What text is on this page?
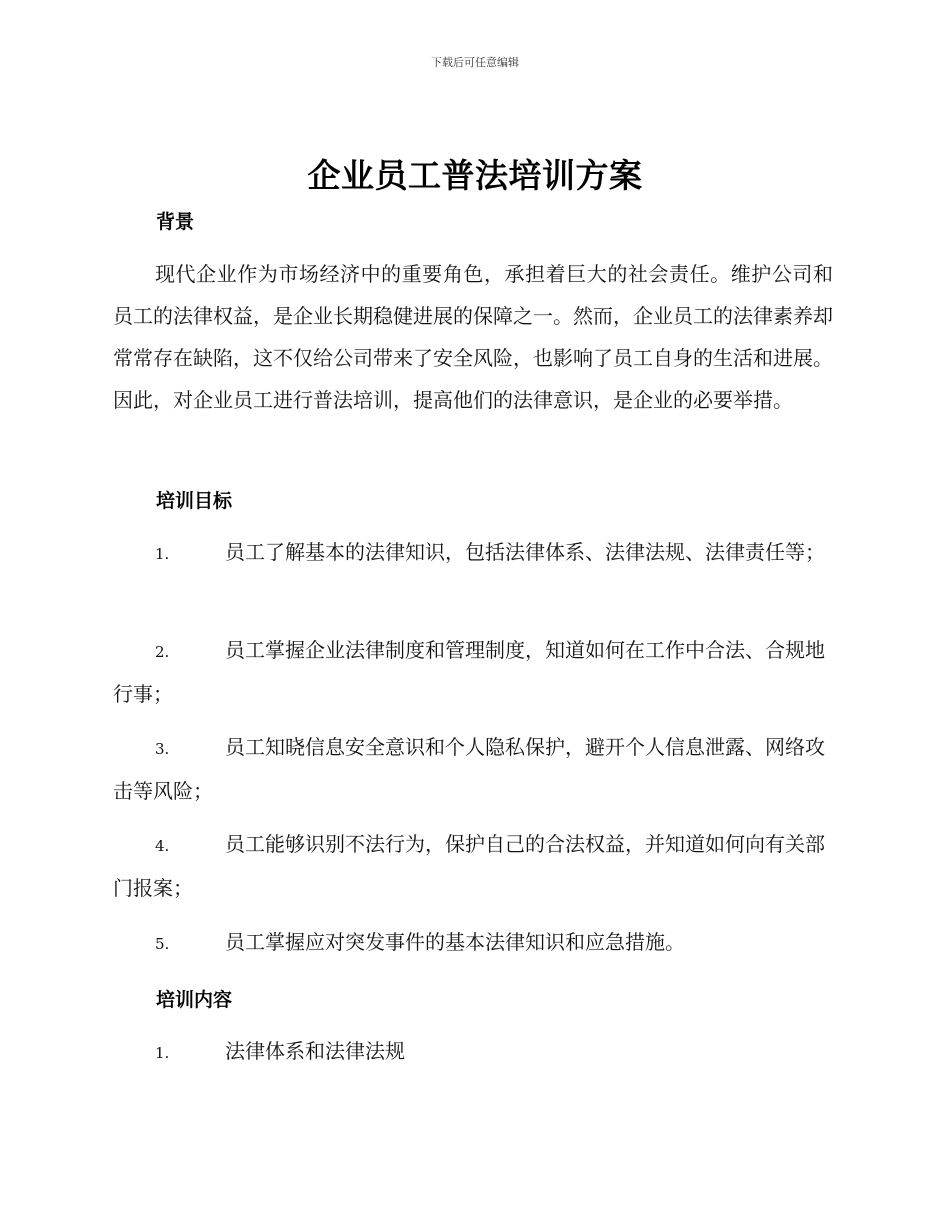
下载后可任意编辑
企业员工普法培训方案
背景
现代企业作为市场经济中的重要角色，承担着巨大的社会责任。维护公司和员工的法律权益，是企业长期稳健进展的保障之一。然而，企业员工的法律素养却常常存在缺陷，这不仅给公司带来了安全风险，也影响了员工自身的生活和进展。因此，对企业员工进行普法培训，提高他们的法律意识，是企业的必要举措。
培训目标
1.	员工了解基本的法律知识，包括法律体系、法律法规、法律责任等；
2.	员工掌握企业法律制度和管理制度，知道如何在工作中合法、合规地行事；
3.	员工知晓信息安全意识和个人隐私保护，避开个人信息泄露、网络攻击等风险；
4.	员工能够识别不法行为，保护自己的合法权益，并知道如何向有关部门报案；
5.	员工掌握应对突发事件的基本法律知识和应急措施。
培训内容
1.	法律体系和法律法规
